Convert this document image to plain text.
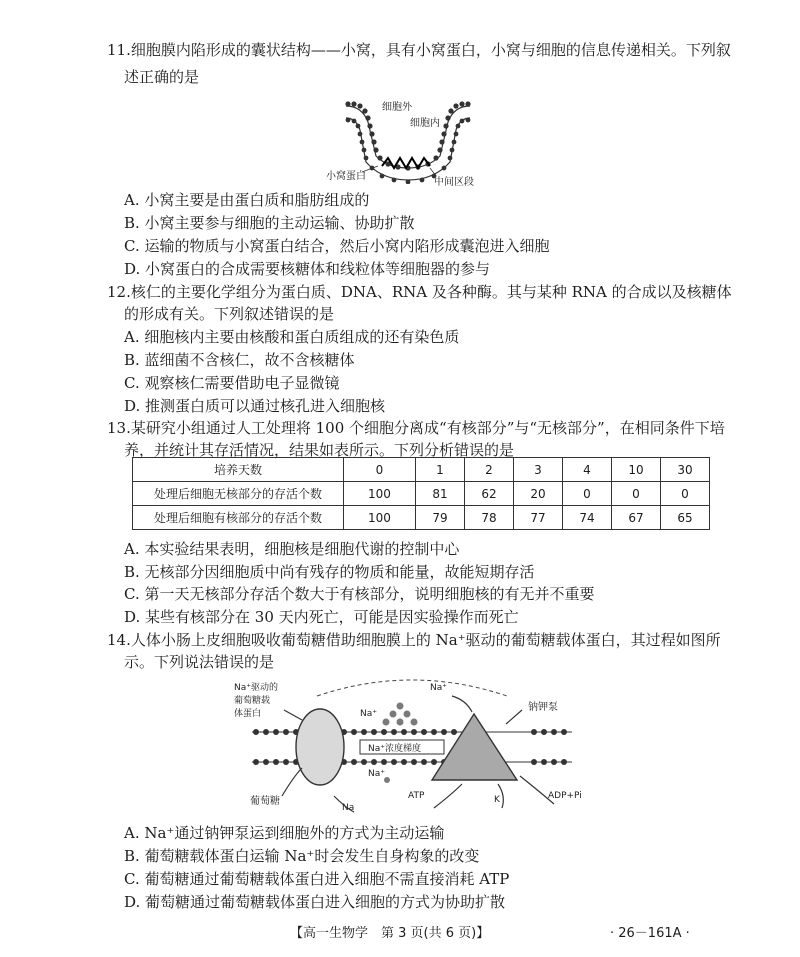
11.细胞膜内陷形成的囊状结构——小窝，具有小窝蛋白，小窝与细胞的信息传递相关。下列叙
述正确的是
细胞外
细胞内
小窝蛋白
中间区段
A. 小窝主要是由蛋白质和脂肪组成的
B. 小窝主要参与细胞的主动运输、协助扩散
C. 运输的物质与小窝蛋白结合，然后小窝内陷形成囊泡进入细胞
D. 小窝蛋白的合成需要核糖体和线粒体等细胞器的参与
12.核仁的主要化学组分为蛋白质、DNA、RNA 及各种酶。其与某种 RNA 的合成以及核糖体
的形成有关。下列叙述错误的是
A. 细胞核内主要由核酸和蛋白质组成的还有染色质
B. 蓝细菌不含核仁，故不含核糖体
C. 观察核仁需要借助电子显微镜
D. 推测蛋白质可以通过核孔进入细胞核
13.某研究小组通过人工处理将 100 个细胞分离成“有核部分”与“无核部分”，在相同条件下培
养，并统计其存活情况，结果如表所示。下列分析错误的是
培养天数	0	1	2	3	4	10	30
处理后细胞无核部分的存活个数	100	81	62	20	0	0	0
处理后细胞有核部分的存活个数	100	79	78	77	74	67	65
A. 本实验结果表明，细胞核是细胞代谢的控制中心
B. 无核部分因细胞质中尚有残存的物质和能量，故能短期存活
C. 第一天无核部分存活个数大于有核部分，说明细胞核的有无并不重要
D. 某些有核部分在 30 天内死亡，可能是因实验操作而死亡
14.人体小肠上皮细胞吸收葡萄糖借助细胞膜上的 Na⁺驱动的葡萄糖载体蛋白，其过程如图所
示。下列说法错误的是
Na⁺驱动的
葡萄糖载
体蛋白
Na⁺
Na⁺
钠钾泵
Na⁺浓度梯度
Na⁺
葡萄糖
Na
ATP	K	ADP+Pi
A. Na⁺通过钠钾泵运到细胞外的方式为主动运输
B. 葡萄糖载体蛋白运输 Na⁺时会发生自身构象的改变
C. 葡萄糖通过葡萄糖载体蛋白进入细胞不需直接消耗 ATP
D. 葡萄糖通过葡萄糖载体蛋白进入细胞的方式为协助扩散
【高一生物学　第 3 页(共 6 页)】	· 26－161A ·
